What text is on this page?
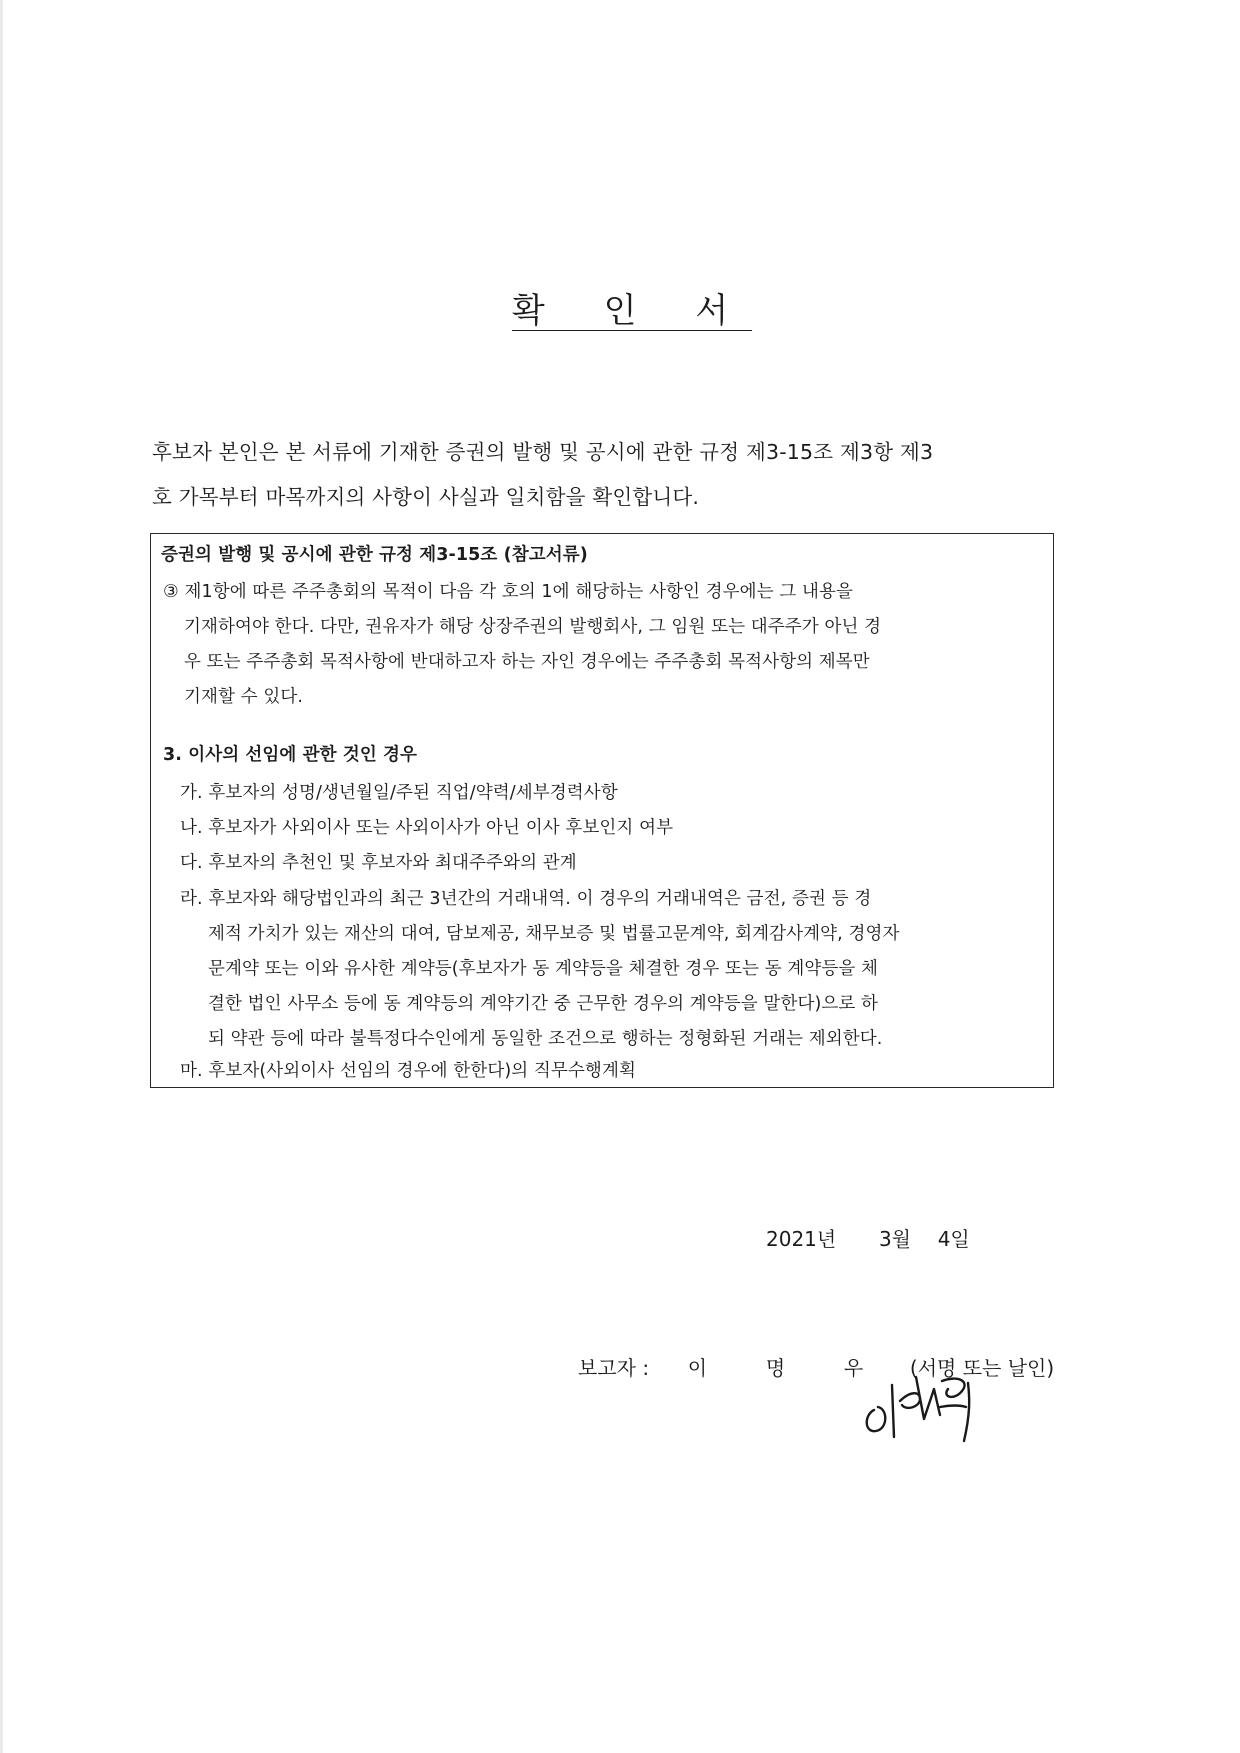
확 인 서
후보자 본인은 본 서류에 기재한 증권의 발행 및 공시에 관한 규정 제3-15조 제3항 제3
호 가목부터 마목까지의 사항이 사실과 일치함을 확인합니다.
증권의 발행 및 공시에 관한 규정 제3-15조 (참고서류)
③ 제1항에 따른 주주총회의 목적이 다음 각 호의 1에 해당하는 사항인 경우에는 그 내용을
기재하여야 한다. 다만, 권유자가 해당 상장주권의 발행회사, 그 임원 또는 대주주가 아닌 경
우 또는 주주총회 목적사항에 반대하고자 하는 자인 경우에는 주주총회 목적사항의 제목만
기재할 수 있다.
3. 이사의 선임에 관한 것인 경우
가. 후보자의 성명/생년월일/주된 직업/약력/세부경력사항
나. 후보자가 사외이사 또는 사외이사가 아닌 이사 후보인지 여부
다. 후보자의 추천인 및 후보자와 최대주주와의 관계
라. 후보자와 해당법인과의 최근 3년간의 거래내역. 이 경우의 거래내역은 금전, 증권 등 경
제적 가치가 있는 재산의 대여, 담보제공, 채무보증 및 법률고문계약, 회계감사계약, 경영자
문계약 또는 이와 유사한 계약등(후보자가 동 계약등을 체결한 경우 또는 동 계약등을 체
결한 법인 사무소 등에 동 계약등의 계약기간 중 근무한 경우의 계약등을 말한다)으로 하
되 약관 등에 따라 불특정다수인에게 동일한 조건으로 행하는 정형화된 거래는 제외한다.
마. 후보자(사외이사 선임의 경우에 한한다)의 직무수행계획
2021년 3월 4일
보고자 : 이	명	우 (서명 또는 날인)
